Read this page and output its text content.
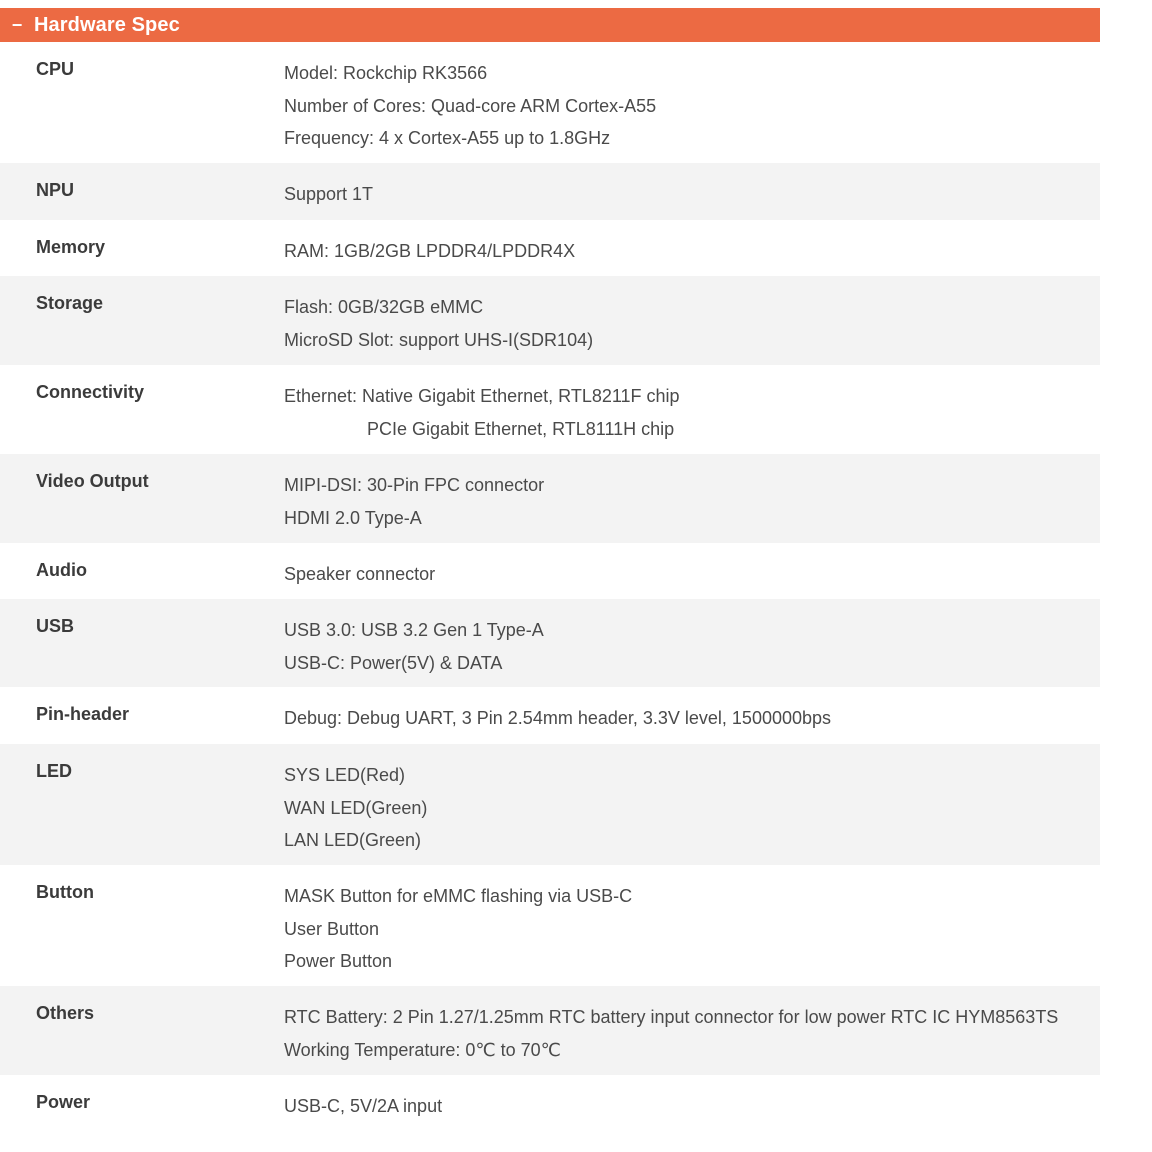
− Hardware Spec
CPU	Model: Rockchip RK3566
Number of Cores: Quad-core ARM Cortex-A55
Frequency: 4 x Cortex-A55 up to 1.8GHz
NPU	Support 1T
Memory	RAM: 1GB/2GB LPDDR4/LPDDR4X
Storage	Flash: 0GB/32GB eMMC
MicroSD Slot: support UHS-I(SDR104)
Connectivity	Ethernet: Native Gigabit Ethernet, RTL8211F chip
PCIe Gigabit Ethernet, RTL8111H chip
Video Output	MIPI-DSI: 30-Pin FPC connector
HDMI 2.0 Type-A
Audio	Speaker connector
USB	USB 3.0: USB 3.2 Gen 1 Type-A
USB-C: Power(5V) & DATA
Pin-header	Debug: Debug UART, 3 Pin 2.54mm header, 3.3V level, 1500000bps
LED	SYS LED(Red)
WAN LED(Green)
LAN LED(Green)
Button	MASK Button for eMMC flashing via USB-C
User Button
Power Button
Others	RTC Battery: 2 Pin 1.27/1.25mm RTC battery input connector for low power RTC IC HYM8563TS
Working Temperature: 0℃ to 70℃
Power	USB-C, 5V/2A input
